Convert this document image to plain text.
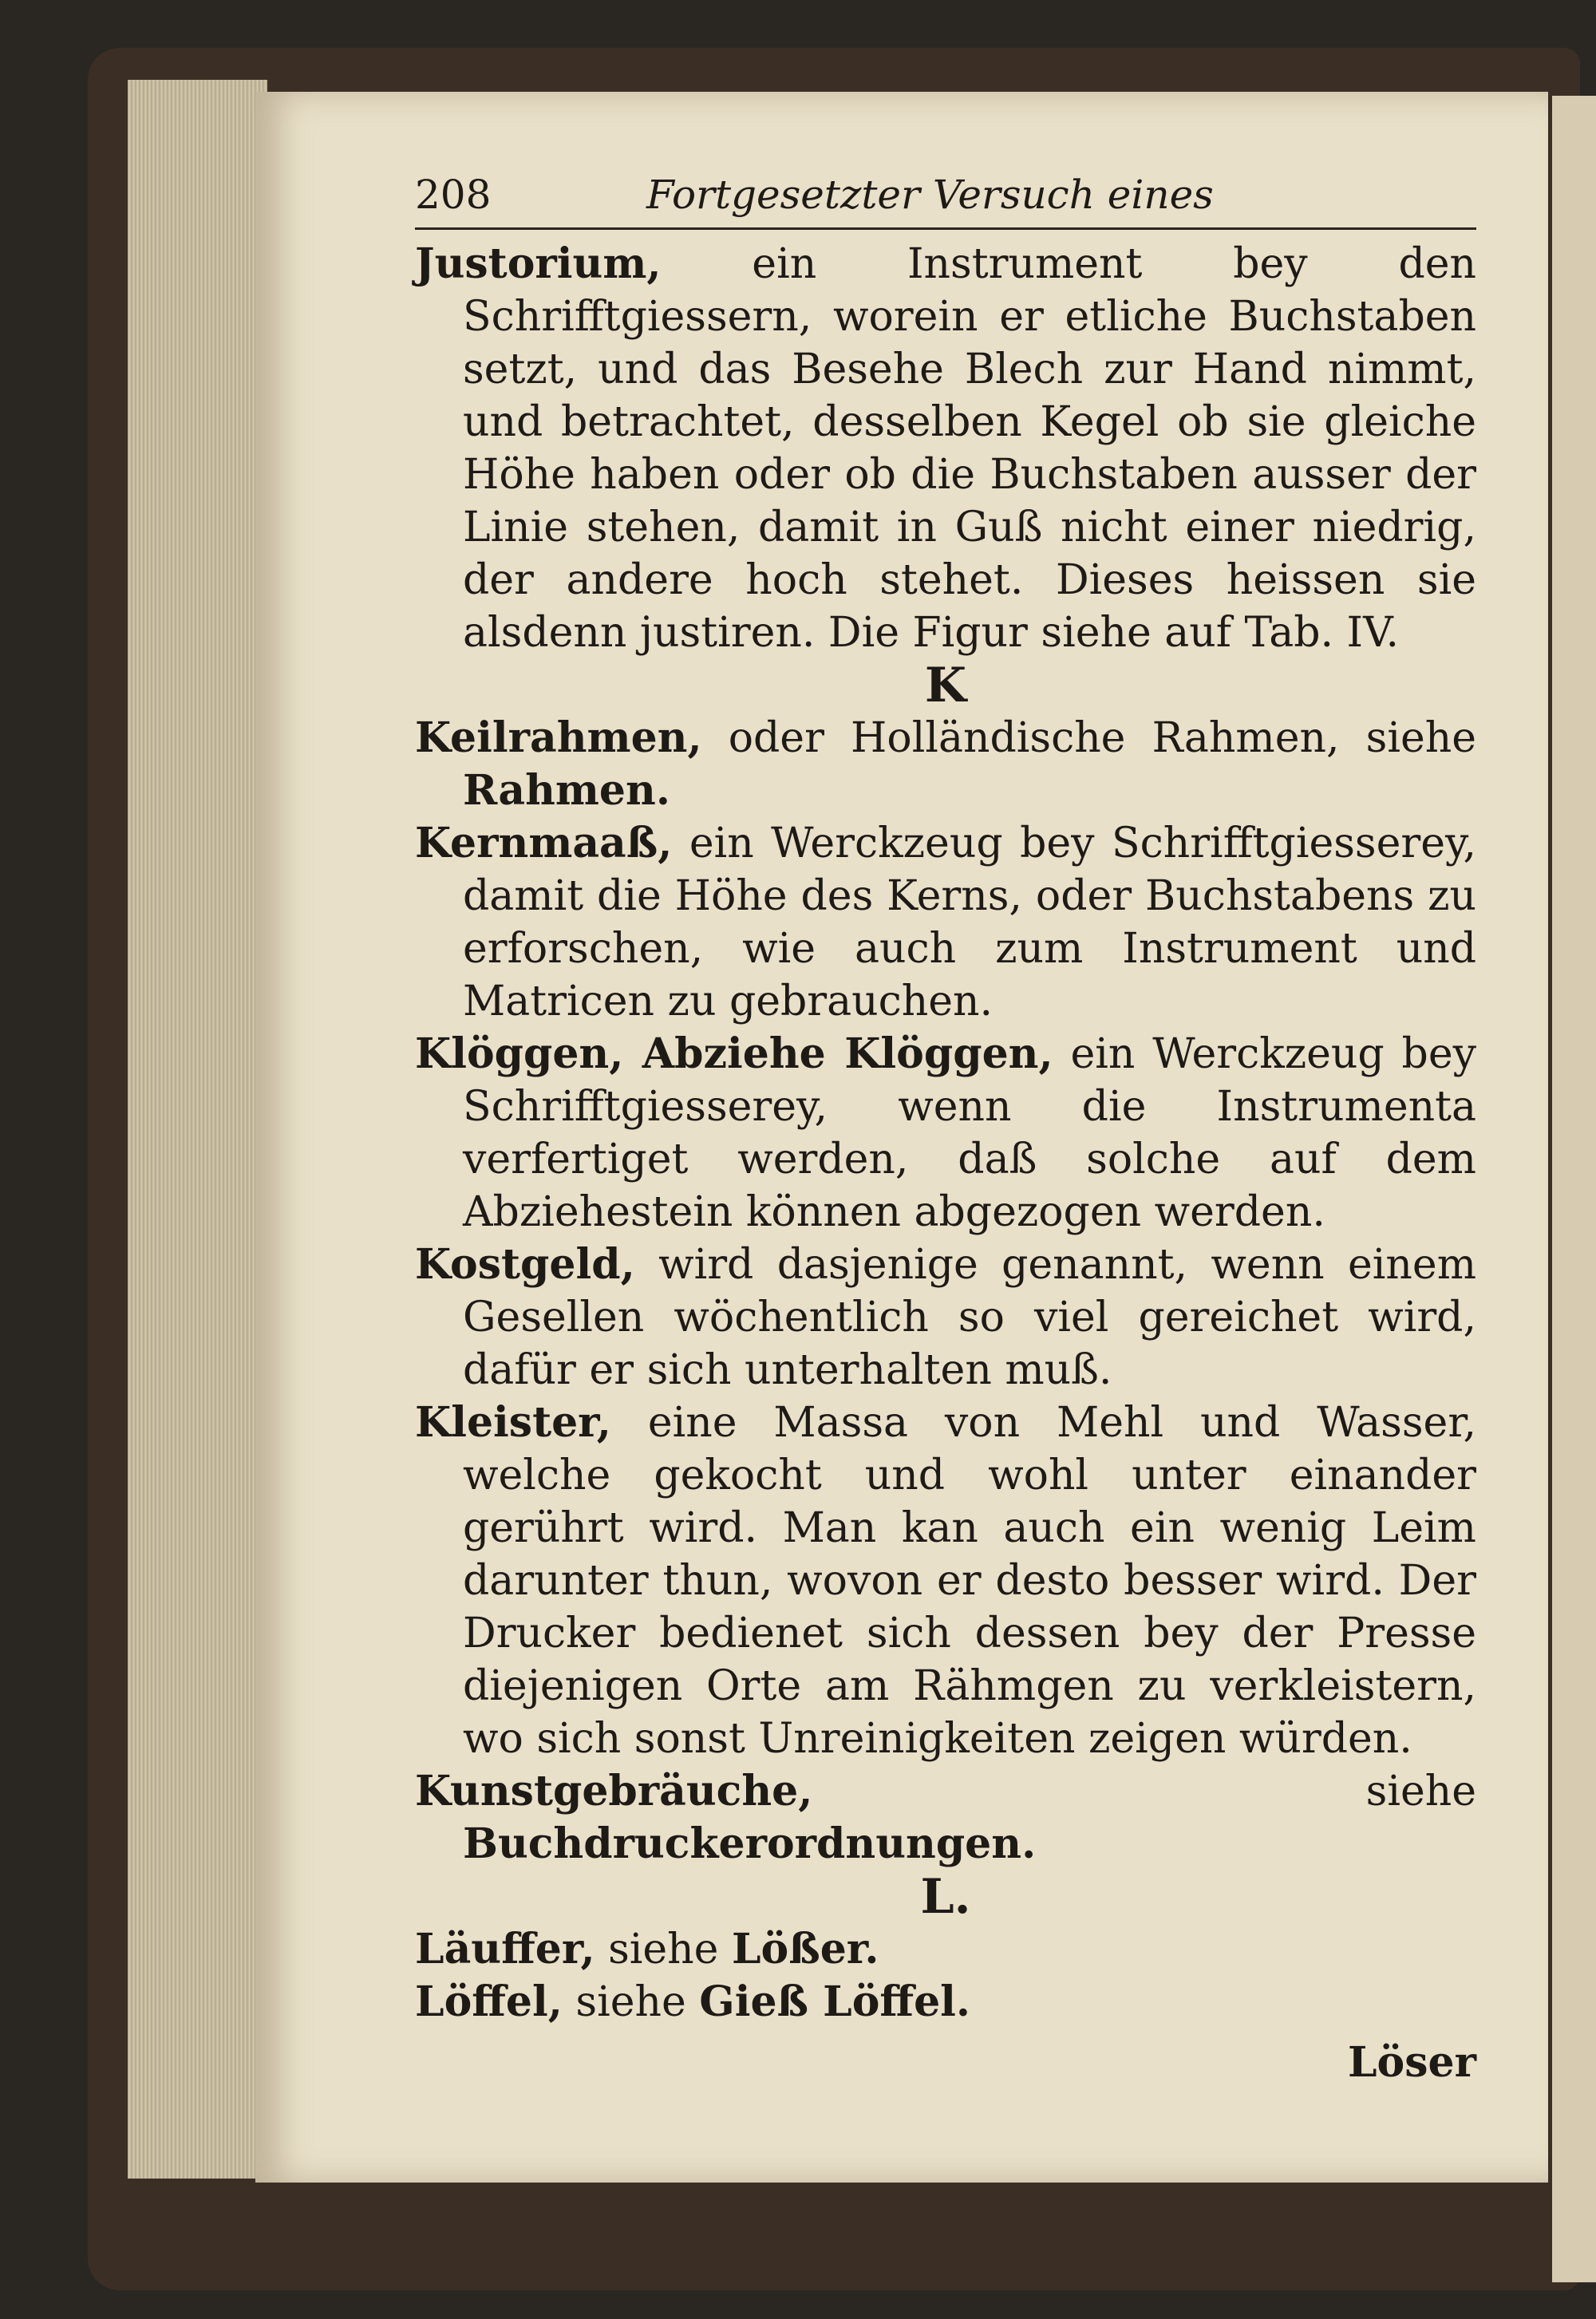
208	Fortgesetzter Versuch eines

Justorium, ein Instrument bey den Schrifftgiessern, worein er etliche Buchstaben setzt, und das Besehe Blech zur Hand nimmt, und betrachtet, desselben Kegel ob sie gleiche Höhe haben oder ob die Buchstaben ausser der Linie stehen, damit in Guß nicht einer niedrig, der andere hoch stehet. Dieses heissen sie alsdenn justiren. Die Figur siehe auf Tab. IV.

K

Keilrahmen, oder Holländische Rahmen, siehe Rahmen.

Kernmaaß, ein Werckzeug bey Schrifftgiesserey, damit die Höhe des Kerns, oder Buchstabens zu erforschen, wie auch zum Instrument und Matricen zu gebrauchen.

Klöggen, Abziehe Klöggen, ein Werckzeug bey Schrifftgiesserey, wenn die Instrumenta verfertiget werden, daß solche auf dem Abziehestein können abgezogen werden.

Kostgeld, wird dasjenige genannt, wenn einem Gesellen wöchentlich so viel gereichet wird, dafür er sich unterhalten muß.

Kleister, eine Massa von Mehl und Wasser, welche gekocht und wohl unter einander gerührt wird. Man kan auch ein wenig Leim darunter thun, wovon er desto besser wird. Der Drucker bedienet sich dessen bey der Presse diejenigen Orte am Rähmgen zu verkleistern, wo sich sonst Unreinigkeiten zeigen würden.

Kunstgebräuche,	siehe Buchdruckerordnungen.

L.

Läuffer, siehe Lößer.

Löffel, siehe Gieß Löffel.

Löser
